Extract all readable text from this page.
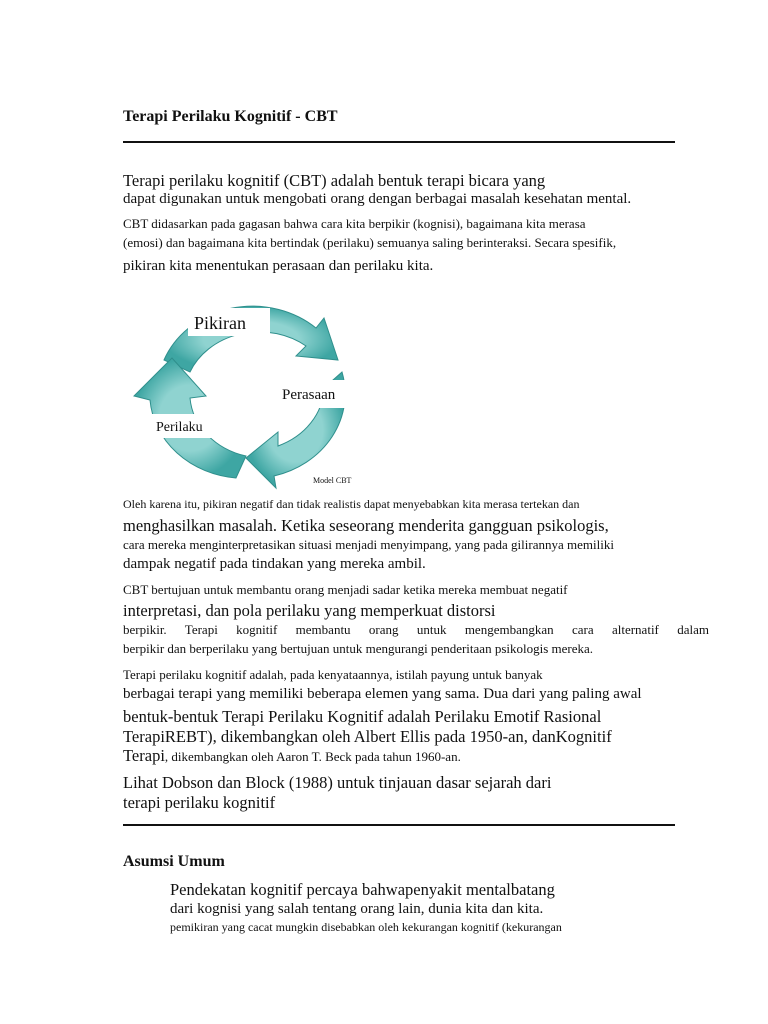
Terapi Perilaku Kognitif - CBT
Terapi perilaku kognitif (CBT) adalah bentuk terapi bicara yang
dapat digunakan untuk mengobati orang dengan berbagai masalah kesehatan mental.
CBT didasarkan pada gagasan bahwa cara kita berpikir (kognisi), bagaimana kita merasa
(emosi) dan bagaimana kita bertindak (perilaku) semuanya saling berinteraksi. Secara spesifik,
pikiran kita menentukan perasaan dan perilaku kita.
Pikiran
Perasaan
Perilaku
Model CBT
Oleh karena itu, pikiran negatif dan tidak realistis dapat menyebabkan kita merasa tertekan dan
menghasilkan masalah. Ketika seseorang menderita gangguan psikologis,
cara mereka menginterpretasikan situasi menjadi menyimpang, yang pada gilirannya memiliki
dampak negatif pada tindakan yang mereka ambil.
CBT bertujuan untuk membantu orang menjadi sadar ketika mereka membuat negatif
interpretasi, dan pola perilaku yang memperkuat distorsi
berpikir. Terapi kognitif membantu orang untuk mengembangkan cara alternatif dalam
berpikir dan berperilaku yang bertujuan untuk mengurangi penderitaan psikologis mereka.
Terapi perilaku kognitif adalah, pada kenyataannya, istilah payung untuk banyak
berbagai terapi yang memiliki beberapa elemen yang sama. Dua dari yang paling awal
bentuk-bentuk Terapi Perilaku Kognitif adalah Perilaku Emotif Rasional
TerapiREBT), dikembangkan oleh Albert Ellis pada 1950-an, danKognitif
Terapi, dikembangkan oleh Aaron T. Beck pada tahun 1960-an.
Lihat Dobson dan Block (1988) untuk tinjauan dasar sejarah dari
terapi perilaku kognitif
Asumsi Umum
Pendekatan kognitif percaya bahwapenyakit mentalbatang
dari kognisi yang salah tentang orang lain, dunia kita dan kita.
pemikiran yang cacat mungkin disebabkan oleh kekurangan kognitif (kekurangan
